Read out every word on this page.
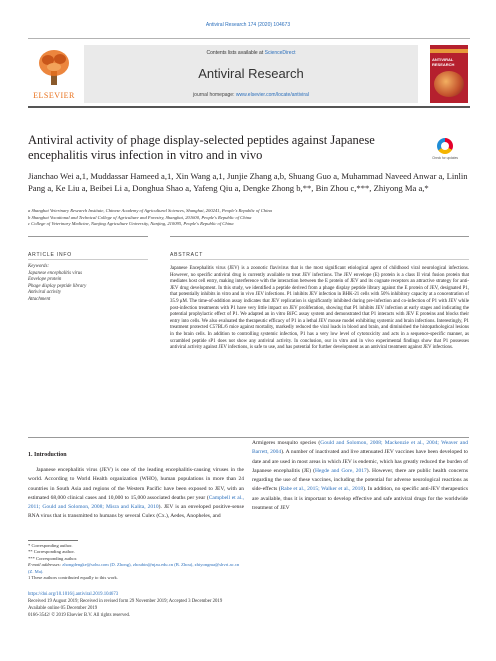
Antiviral Research 174 (2020) 104673
ELSEVIER
Contents lists available at ScienceDirect
Antiviral Research
journal homepage: www.elsevier.com/locate/antiviral
ANTIVIRAL RESEARCH
Antiviral activity of phage display-selected peptides against Japanese encephalitis virus infection in vitro and in vivo	Check for updates
Jianchao Wei a,1, Muddassar Hameed a,1, Xin Wang a,1, Junjie Zhang a,b, Shuang Guo a, Muhammad Naveed Anwar a, Linlin Pang a, Ke Liu a, Beibei Li a, Donghua Shao a, Yafeng Qiu a, Dengke Zhong b,**, Bin Zhou c,***, Zhiyong Ma a,*
a Shanghai Veterinary Research Institute, Chinese Academy of Agricultural Sciences, Shanghai, 200241, People's Republic of China
b Shanghai Vocational and Technical College of Agriculture and Forestry, Shanghai, 201600, People's Republic of China
c College of Veterinary Medicine, Nanjing Agriculture University, Nanjing, 210095, People's Republic of China
ARTICLE INFO	ABSTRACT
Keywords:
Japanese encephalitis virus
Envelope protein
Phage display peptide library
Antiviral activity
Attachment
Japanese Encephalitis virus (JEV) is a zoonotic flavivirus that is the most significant etiological agent of childhood viral neurological infections. However, no specific antiviral drug is currently available to treat JEV infections. The JEV envelope (E) protein is a class II viral fusion protein that mediates host cell entry, making interference with the interaction between the E protein of JEV and its cognate receptors an attractive strategy for anti-JEV drug development. In this study, we identified a peptide derived from a phage display peptide library against the E protein of JEV, designated P1, that potentially inhibits in vitro and in vivo JEV infections. P1 inhibits JEV infection in BHK-21 cells with 50% inhibitory capacity at a concentration of 35.9 μM. The time-of-addition assay indicates that JEV replication is significantly inhibited during pre-infection and co-infection of P1 with JEV while post-infection treatments with P1 have very little impact on JEV proliferation, showing that P1 inhibits JEV infection at early stages and indicating the potential prophylactic effect of P1. We adapted an in vitro BiFC assay system and demonstrated that P1 interacts with JEV E proteins and blocks their entry into cells. We also evaluated the therapeutic efficacy of P1 in a lethal JEV mouse model exhibiting systemic and brain infections. Interestingly, P1 treatment protected C57BL/6 mice against mortality, markedly reduced the viral loads in blood and brain, and diminished the histopathological lesions in the brain cells. In addition to controlling systemic infection, P1 has a very low level of cytotoxicity and acts in a sequence-specific manner, as scrambled peptide sP1 does not show any antiviral activity. In conclusion, our in vitro and in vivo experimental findings show that P1 possesses antiviral activity against JEV infections, is safe to use, and has potential for further development as an antiviral treatment against JEV infections.
1. Introduction
Japanese encephalitis virus (JEV) is one of the leading encephalitis-causing viruses in the world. According to World Health organization (WHO), human populations in more than 24 countries in South Asia and regions of the Western Pacific have been exposed to JEV, with an estimated 68,000 clinical cases and 10,000 to 15,000 associated deaths per year (Campbell et al., 2011; Gould and Solomon, 2008; Misra and Kalita, 2010). JEV is an enveloped positive-sense RNA virus that is transmitted to humans by several Culex (Cx.), Aedes, Anopheles, and
Armigeres mosquito species (Gould and Solomon, 2008; Mackenzie et al., 2004; Weaver and Barrett, 2004). A number of inactivated and live attenuated JEV vaccines have been developed to date and are used in most areas in which JEV is endemic, which has greatly reduced the burden of Japanese encephalitis (JE) (Hegde and Gore, 2017). However, there are public health concerns regarding the use of these vaccines, including the potential for adverse neurological reactions as side-effects (Rabe et al., 2015; Walker et al., 2018). In addition, no specific anti-JEV therapeutics are available, thus it is important to develop effective and safe antiviral drugs for the worldwide treatment of JEV
* Corresponding author.
** Corresponding author.
*** Corresponding author.
E-mail addresses: zhongdengke@sohu.com (D. Zhong), zhoubin@njau.edu.cn (B. Zhou), zhiyongma@shvri.ac.cn (Z. Ma).
1 These authors contributed equally to this work.
https://doi.org/10.1016/j.antiviral.2019.104673
Received 19 August 2019; Received in revised form 29 November 2019; Accepted 3 December 2019
Available online 05 December 2019
0166-3542/ © 2019 Elsevier B.V. All rights reserved.
